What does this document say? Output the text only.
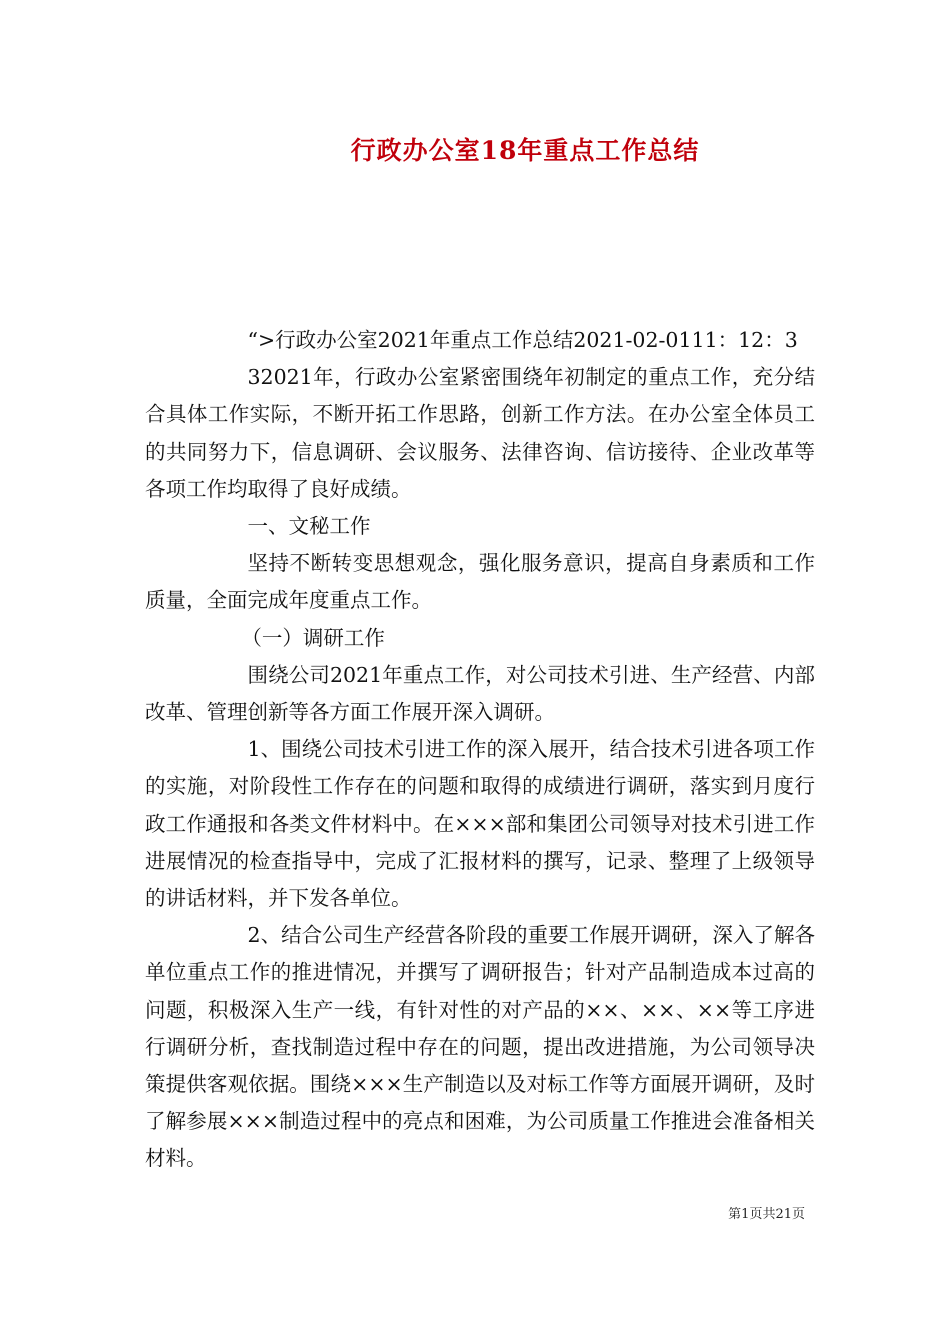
行政办公室18年重点工作总结

“>行政办公室2021年重点工作总结2021-02-0111：12：3

32021年，行政办公室紧密围绕年初制定的重点工作，充分结合具体工作实际，不断开拓工作思路，创新工作方法。在办公室全体员工的共同努力下，信息调研、会议服务、法律咨询、信访接待、企业改革等各项工作均取得了良好成绩。

一、文秘工作

坚持不断转变思想观念，强化服务意识，提高自身素质和工作质量，全面完成年度重点工作。

（一）调研工作

围绕公司2021年重点工作，对公司技术引进、生产经营、内部改革、管理创新等各方面工作展开深入调研。

1、围绕公司技术引进工作的深入展开，结合技术引进各项工作的实施，对阶段性工作存在的问题和取得的成绩进行调研，落实到月度行政工作通报和各类文件材料中。在×××部和集团公司领导对技术引进工作进展情况的检查指导中，完成了汇报材料的撰写，记录、整理了上级领导的讲话材料，并下发各单位。

2、结合公司生产经营各阶段的重要工作展开调研，深入了解各单位重点工作的推进情况，并撰写了调研报告；针对产品制造成本过高的问题，积极深入生产一线，有针对性的对产品的××、××、××等工序进行调研分析，查找制造过程中存在的问题，提出改进措施，为公司领导决策提供客观依据。围绕×××生产制造以及对标工作等方面展开调研，及时了解参展×××制造过程中的亮点和困难，为公司质量工作推进会准备相关材料。

第1页共21页
